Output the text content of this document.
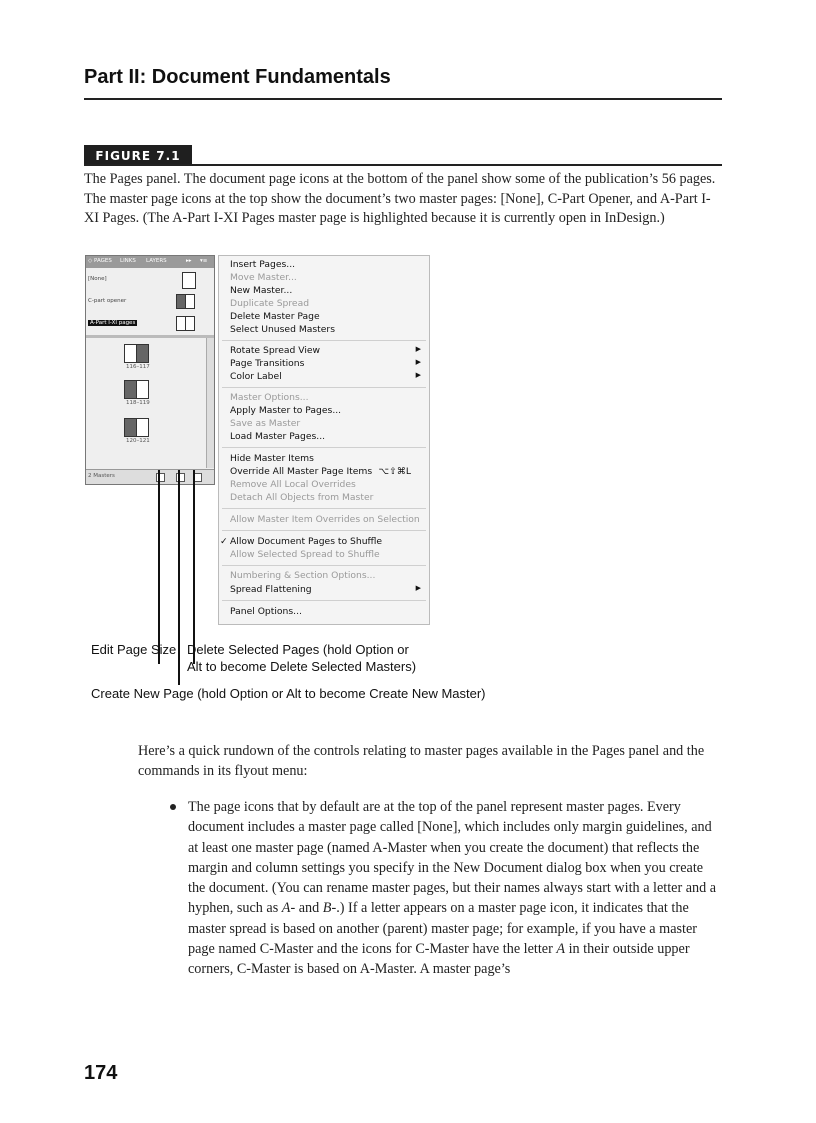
Part II: Document Fundamentals
FIGURE 7.1

The Pages panel. The document page icons at the bottom of the panel show some of the publication’s 56 pages. The master page icons at the top show the document’s two master pages: [None], C-Part Opener, and A-Part I-XI Pages. (The A-Part I-XI Pages master page is highlighted because it is currently open in InDesign.)

◇ PAGES LINKS LAYERS	▸▸ ▾≡
[None]
C-part opener
A-Part I-XI pages
116–117
118–119
120–121
2 Masters
Insert Pages...
Move Master...
New Master...
Duplicate Spread
Delete Master Page
Select Unused Masters
Rotate Spread View	▶
Page Transitions	▶
Color Label	▶
Master Options...
Apply Master to Pages...
Save as Master
Load Master Pages...
Hide Master Items
Override All Master Page Items ⌥⇧⌘L
Remove All Local Overrides
Detach All Objects from Master
Allow Master Item Overrides on Selection
✓ Allow Document Pages to Shuffle
Allow Selected Spread to Shuffle
Numbering & Section Options...
Spread Flattening	▶
Panel Options...
Edit Page Size Delete Selected Pages (hold Option or
Alt to become Delete Selected Masters)
Create New Page (hold Option or Alt to become Create New Master)
Here’s a quick rundown of the controls relating to master pages available in the Pages panel and the commands in its flyout menu:
The page icons that by default are at the top of the panel represent master pages. Every document includes a master page called [None], which includes only margin guidelines, and at least one master page (named A-Master when you create the document) that reflects the margin and column settings you specify in the New Document dialog box when you create the document. (You can rename master pages, but their names always start with a letter and a hyphen, such as A- and B-.) If a letter appears on a master page icon, it indicates that the master spread is based on another (parent) master page; for example, if you have a master page named C-Master and the icons for C-Master have the letter A in their outside upper corners, C-Master is based on A-Master. A master page’s
174
